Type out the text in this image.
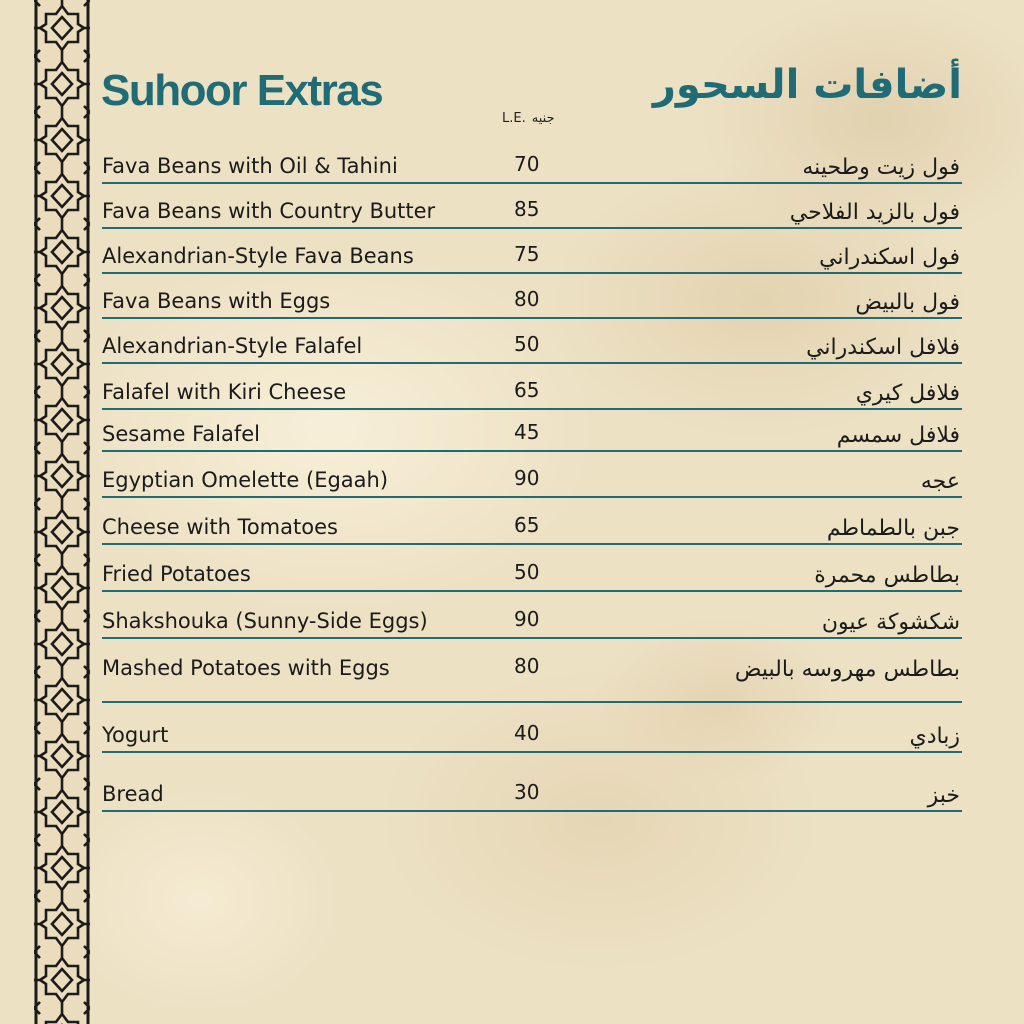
Suhoor Extras	أضافات السحور
L.E. جنيه
Fava Beans with Oil & Tahini	70	فول زيت وطحينه
Fava Beans with Country Butter	85	فول بالزيد الفلاحي
Alexandrian-Style Fava Beans	75	فول اسكندراني
Fava Beans with Eggs	80	فول بالبيض
Alexandrian-Style Falafel	50	فلافل اسكندراني
Falafel with Kiri Cheese	65	فلافل كيري
Sesame Falafel	45	فلافل سمسم
Egyptian Omelette (Egaah)	90	عجه
Cheese with Tomatoes	65	جبن بالطماطم
Fried Potatoes	50	بطاطس محمرة
Shakshouka (Sunny-Side Eggs)	90	شكشوكة عيون
Mashed Potatoes with Eggs	80	بطاطس مهروسه بالبيض
Yogurt	40	زبادي
Bread	30	خبز
